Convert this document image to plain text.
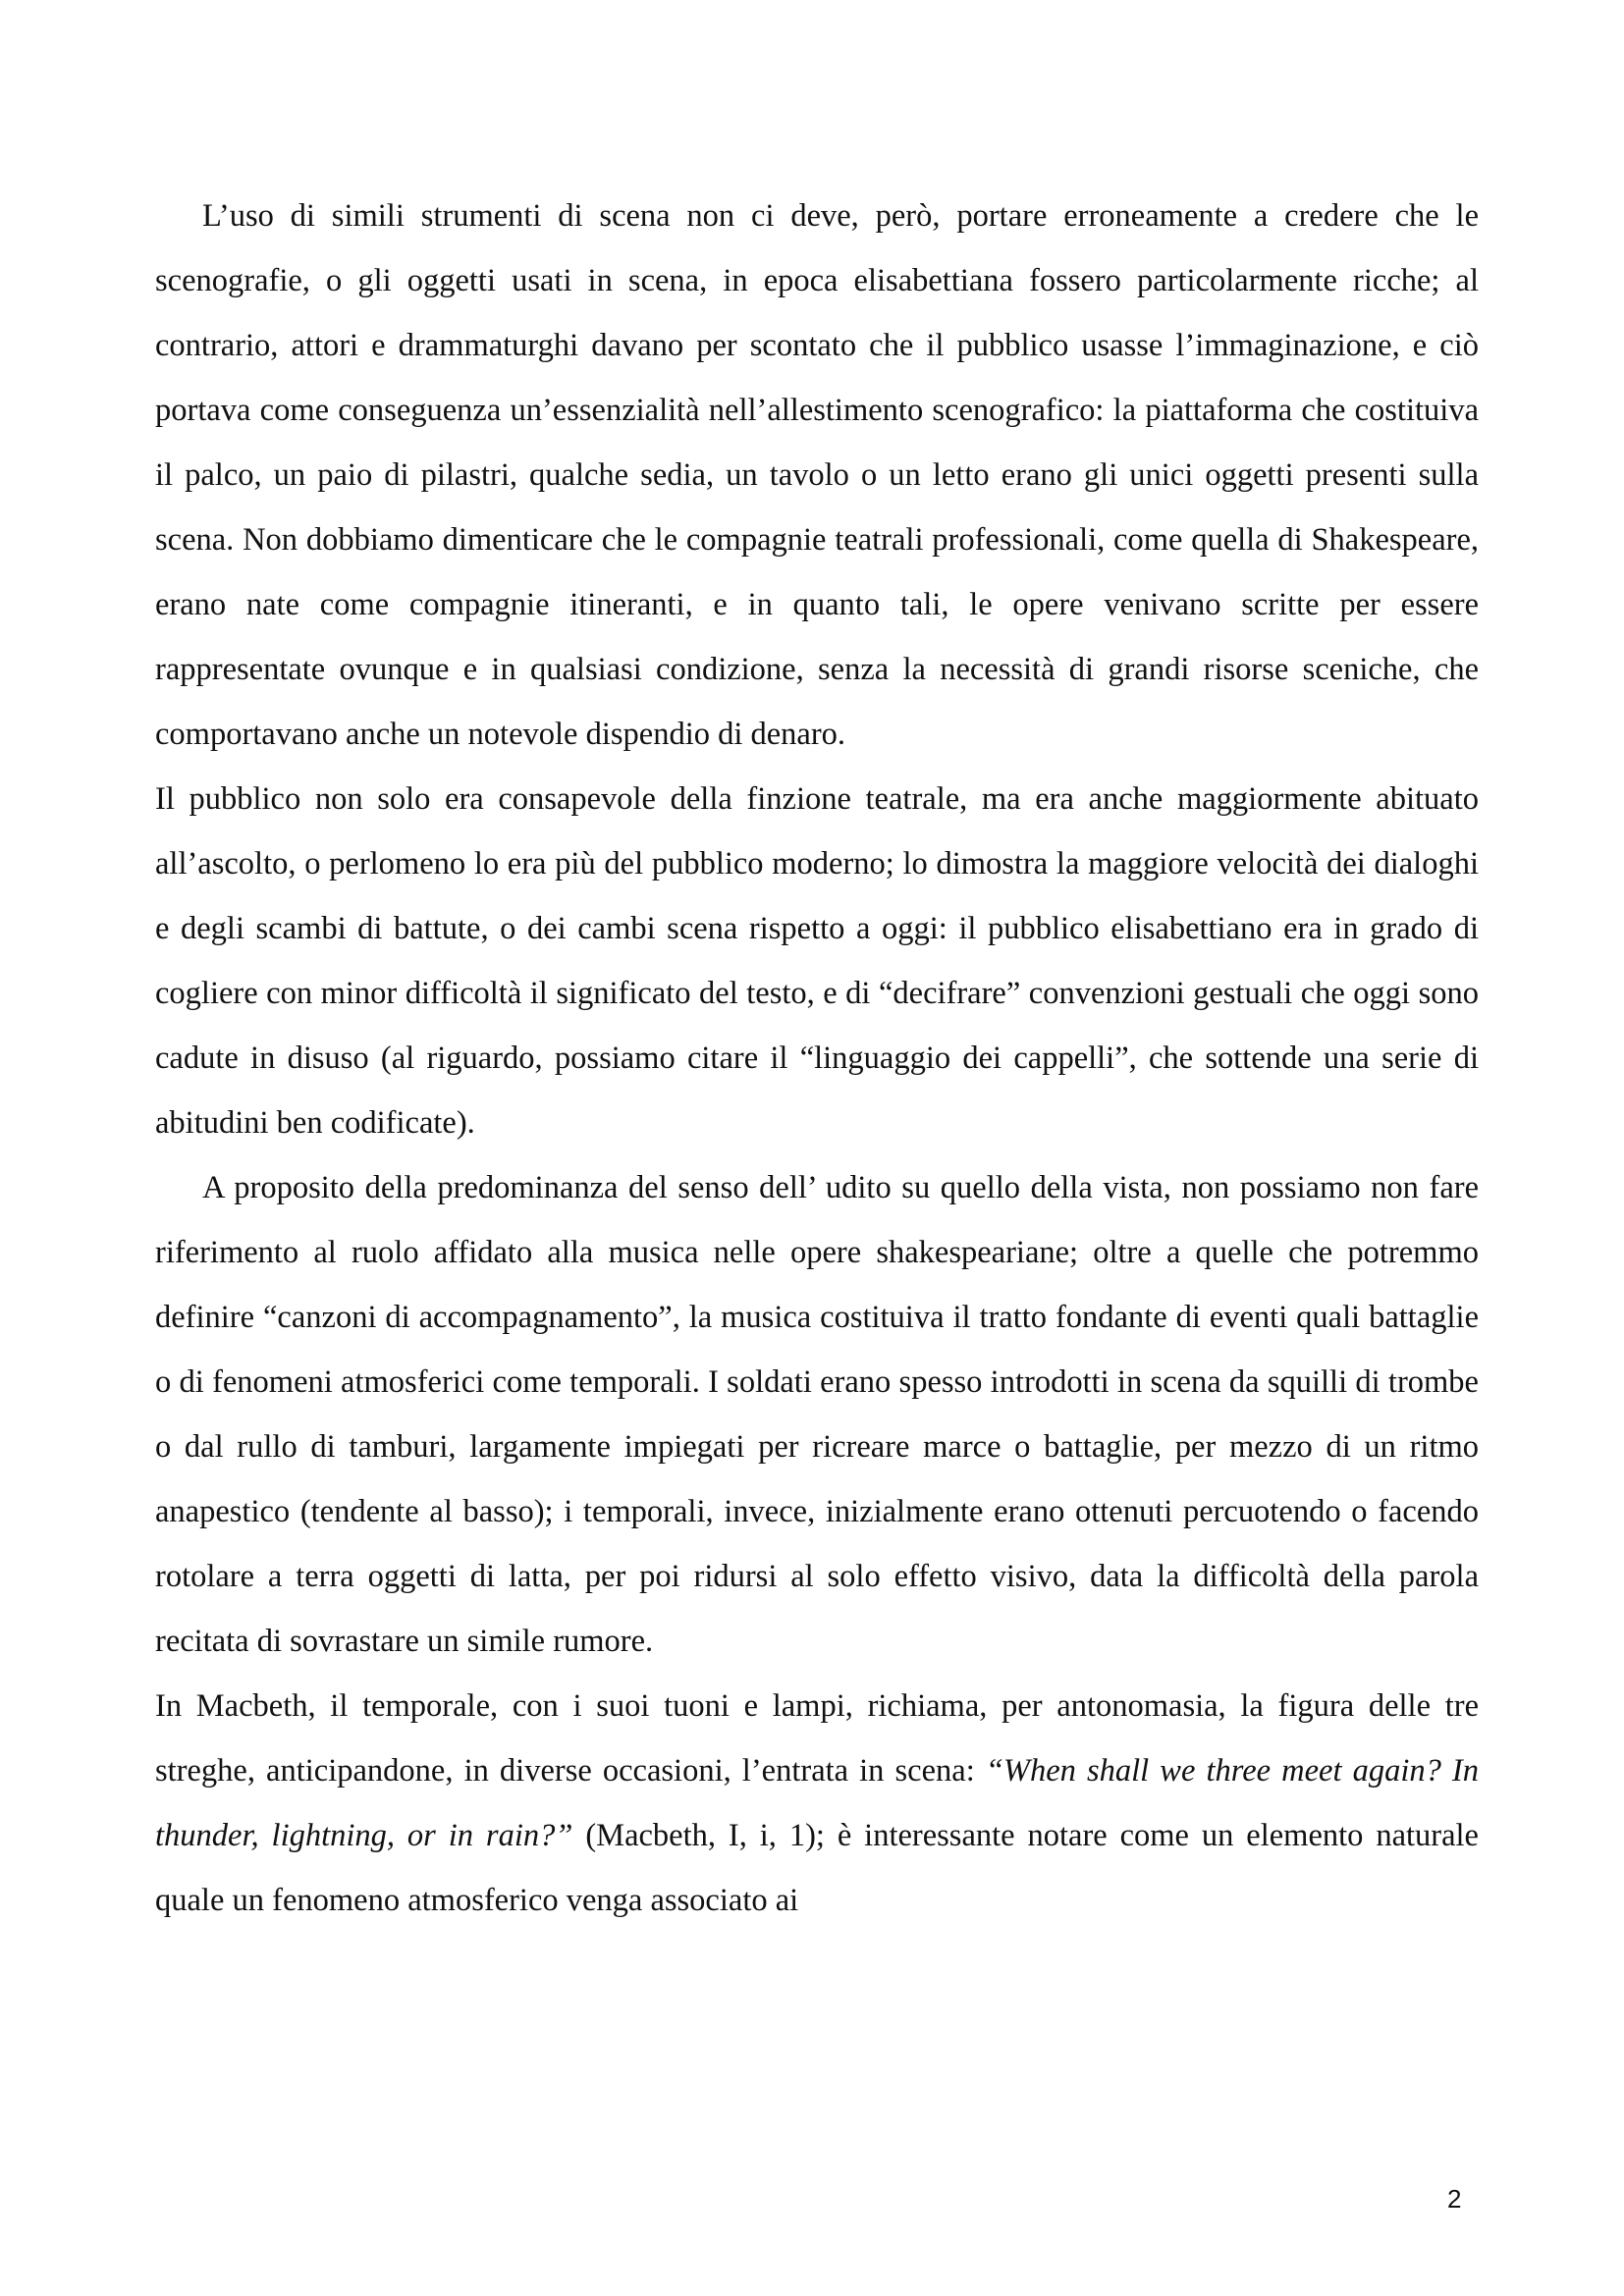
L’uso di simili strumenti di scena non ci deve, però, portare erroneamente a credere che le scenografie, o gli oggetti usati in scena, in epoca elisabettiana fossero particolarmente ricche; al contrario, attori e drammaturghi davano per scontato che il pubblico usasse l’immaginazione, e ciò portava come conseguenza un’essenzialità nell’allestimento scenografico: la piattaforma che costituiva il palco, un paio di pilastri, qualche sedia, un tavolo o un letto erano gli unici oggetti presenti sulla scena. Non dobbiamo dimenticare che le compagnie teatrali professionali, come quella di Shakespeare, erano nate come compagnie itineranti, e in quanto tali, le opere venivano scritte per essere rappresentate ovunque e in qualsiasi condizione, senza la necessità di grandi risorse sceniche, che comportavano anche un notevole dispendio di denaro.

Il pubblico non solo era consapevole della finzione teatrale, ma era anche maggiormente abituato all’ascolto, o perlomeno lo era più del pubblico moderno; lo dimostra la maggiore velocità dei dialoghi e degli scambi di battute, o dei cambi scena rispetto a oggi: il pubblico elisabettiano era in grado di cogliere con minor difficoltà il significato del testo, e di “decifrare” convenzioni gestuali che oggi sono cadute in disuso (al riguardo, possiamo citare il “linguaggio dei cappelli”, che sottende una serie di abitudini ben codificate).

A proposito della predominanza del senso dell’ udito su quello della vista, non possiamo non fare riferimento al ruolo affidato alla musica nelle opere shakespeariane; oltre a quelle che potremmo definire “canzoni di accompagnamento”, la musica costituiva il tratto fondante di eventi quali battaglie o di fenomeni atmosferici come temporali. I soldati erano spesso introdotti in scena da squilli di trombe o dal rullo di tamburi, largamente impiegati per ricreare marce o battaglie, per mezzo di un ritmo anapestico (tendente al basso); i temporali, invece, inizialmente erano ottenuti percuotendo o facendo rotolare a terra oggetti di latta, per poi ridursi al solo effetto visivo, data la difficoltà della parola recitata di sovrastare un simile rumore.

In Macbeth, il temporale, con i suoi tuoni e lampi, richiama, per antonomasia, la figura delle tre streghe, anticipandone, in diverse occasioni, l’entrata in scena: “When shall we three meet again? In thunder, lightning, or in rain?” (Macbeth, I, i, 1); è interessante notare come un elemento naturale quale un fenomeno atmosferico venga associato ai

2
